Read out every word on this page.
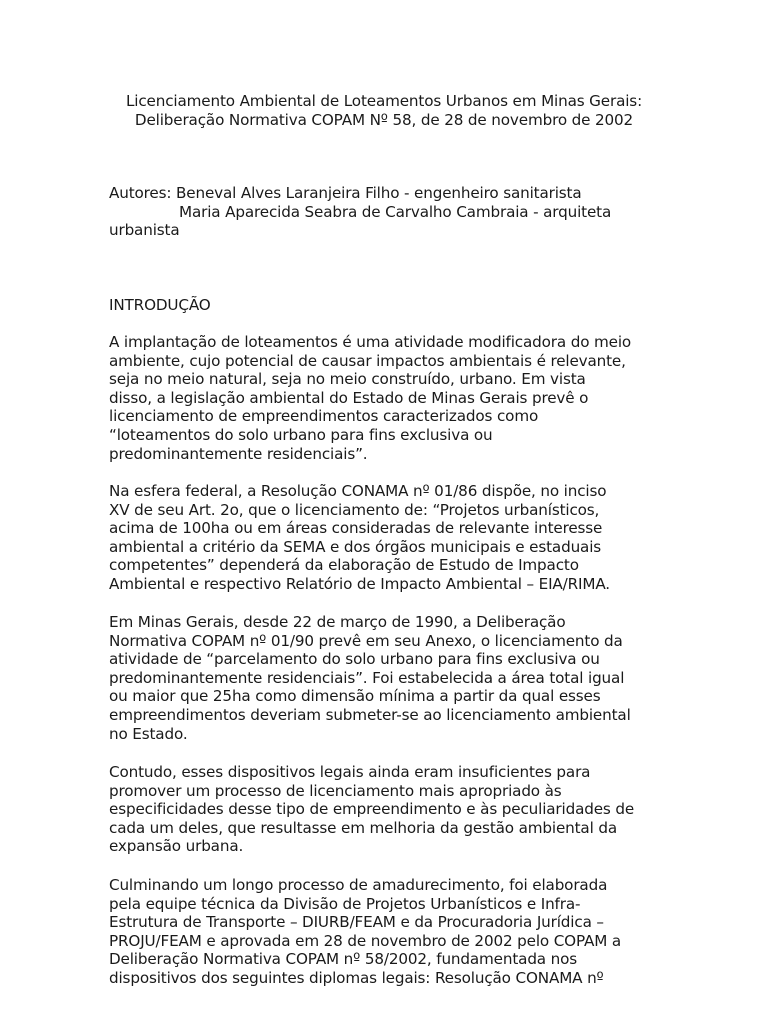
Licenciamento Ambiental de Loteamentos Urbanos em Minas Gerais:
Deliberação Normativa COPAM Nº 58, de 28 de novembro de 2002
Autores: Beneval Alves Laranjeira Filho - engenheiro sanitarista
Maria Aparecida Seabra de Carvalho Cambraia - arquiteta
urbanista
INTRODUÇÃO
A implantação de loteamentos é uma atividade modificadora do meio
ambiente, cujo potencial de causar impactos ambientais é relevante,
seja no meio natural, seja no meio construído, urbano. Em vista
disso, a legislação ambiental do Estado de Minas Gerais prevê o
licenciamento de empreendimentos caracterizados como
“loteamentos do solo urbano para fins exclusiva ou
predominantemente residenciais”.
Na esfera federal, a Resolução CONAMA nº 01/86 dispõe, no inciso
XV de seu Art. 2o, que o licenciamento de: “Projetos urbanísticos,
acima de 100ha ou em áreas consideradas de relevante interesse
ambiental a critério da SEMA e dos órgãos municipais e estaduais
competentes” dependerá da elaboração de Estudo de Impacto
Ambiental e respectivo Relatório de Impacto Ambiental – EIA/RIMA.
Em Minas Gerais, desde 22 de março de 1990, a Deliberação
Normativa COPAM nº 01/90 prevê em seu Anexo, o licenciamento da
atividade de “parcelamento do solo urbano para fins exclusiva ou
predominantemente residenciais”. Foi estabelecida a área total igual
ou maior que 25ha como dimensão mínima a partir da qual esses
empreendimentos deveriam submeter-se ao licenciamento ambiental
no Estado.
Contudo, esses dispositivos legais ainda eram insuficientes para
promover um processo de licenciamento mais apropriado às
especificidades desse tipo de empreendimento e às peculiaridades de
cada um deles, que resultasse em melhoria da gestão ambiental da
expansão urbana.
Culminando um longo processo de amadurecimento, foi elaborada
pela equipe técnica da Divisão de Projetos Urbanísticos e Infra-
Estrutura de Transporte – DIURB/FEAM e da Procuradoria Jurídica –
PROJU/FEAM e aprovada em 28 de novembro de 2002 pelo COPAM a
Deliberação Normativa COPAM nº 58/2002, fundamentada nos
dispositivos dos seguintes diplomas legais: Resolução CONAMA nº
